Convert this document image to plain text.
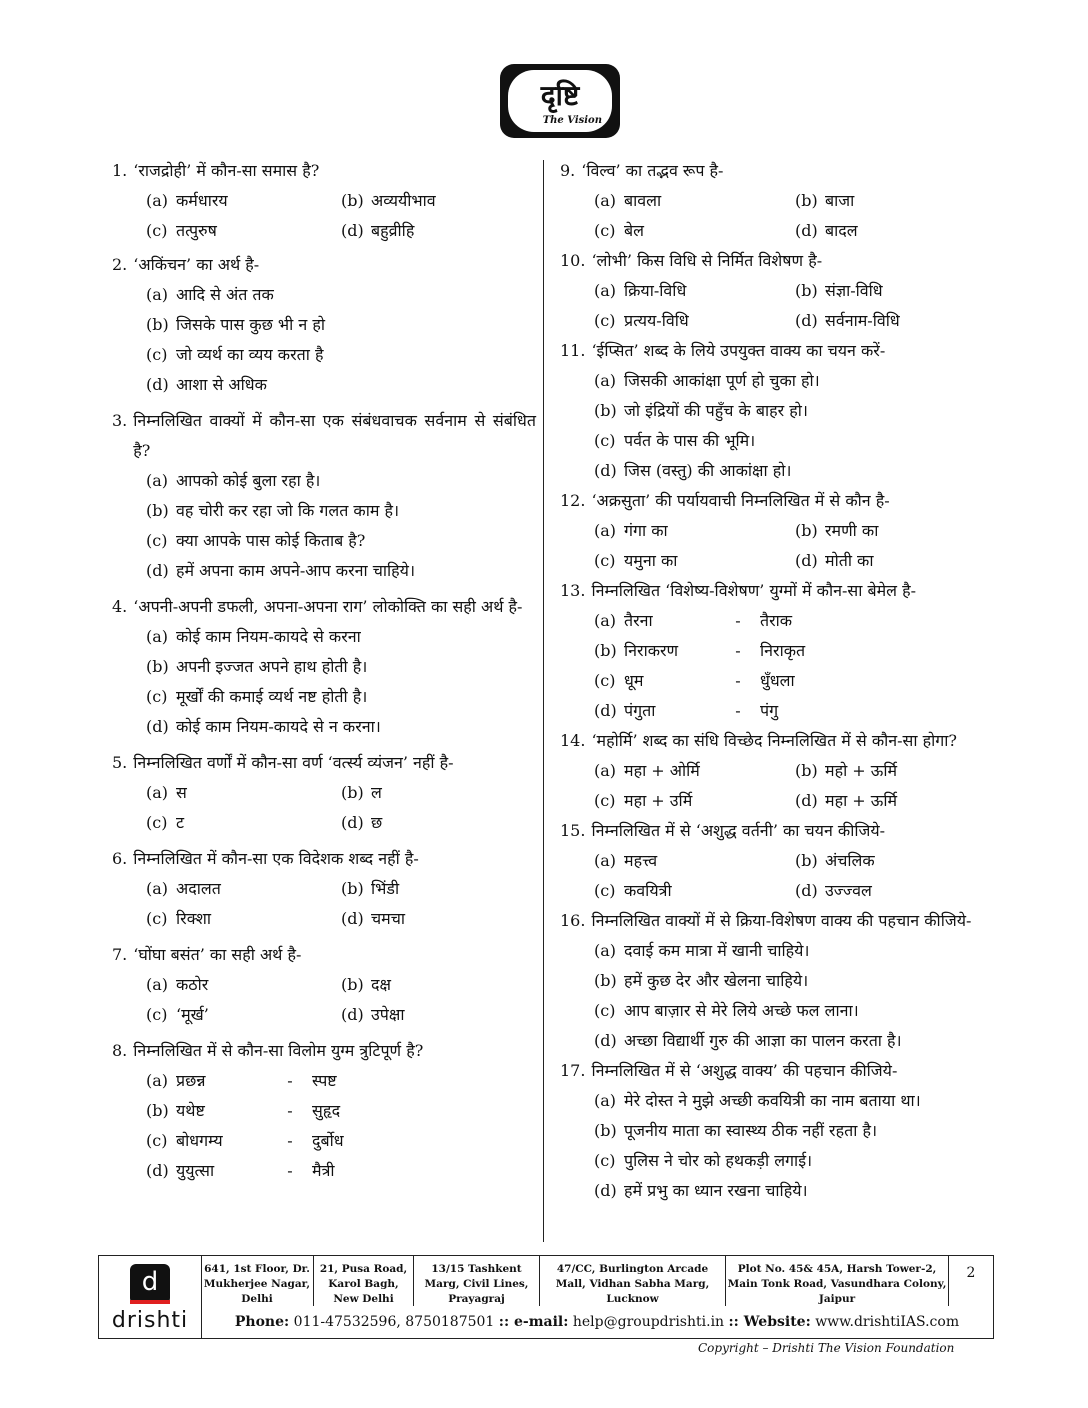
दृष्टि
The Vision
1. ‘राजद्रोही’ में कौन-सा समास है?
(a) कर्मधारय	(b) अव्ययीभाव
(c) तत्पुरुष	(d) बहुव्रीहि
2. ‘अकिंचन’ का अर्थ है-
(a) आदि से अंत तक
(b) जिसके पास कुछ भी न हो
(c) जो व्यर्थ का व्यय करता है
(d) आशा से अधिक
3. निम्नलिखित वाक्यों में कौन-सा एक संबंधवाचक सर्वनाम से संबंधित है?
(a) आपको कोई बुला रहा है।
(b) वह चोरी कर रहा जो कि गलत काम है।
(c) क्या आपके पास कोई किताब है?
(d) हमें अपना काम अपने-आप करना चाहिये।
4. ‘अपनी-अपनी डफली, अपना-अपना राग’ लोकोक्ति का सही अर्थ है-
(a) कोई काम नियम-कायदे से करना
(b) अपनी इज्जत अपने हाथ होती है।
(c) मूर्खों की कमाई व्यर्थ नष्ट होती है।
(d) कोई काम नियम-कायदे से न करना।
5. निम्नलिखित वर्णों में कौन-सा वर्ण ‘वर्त्स्य व्यंजन’ नहीं है-
(a) स	(b) ल
(c) ट	(d) छ
6. निम्नलिखित में कौन-सा एक विदेशक शब्द नहीं है-
(a) अदालत	(b) भिंडी
(c) रिक्शा	(d) चमचा
7. ‘घोंघा बसंत’ का सही अर्थ है-
(a) कठोर	(b) दक्ष
(c) ‘मूर्ख’	(d) उपेक्षा
8. निम्नलिखित में से कौन-सा विलोम युग्म त्रुटिपूर्ण है?
(a) प्रछन्न	- स्पष्ट
(b) यथेष्ट	- सुहृद
(c) बोधगम्य	- दुर्बोध
(d) युयुत्सा	- मैत्री
9. ‘विल्व’ का तद्भव रूप है-
(a) बावला	(b) बाजा
(c) बेल	(d) बादल
10. ‘लोभी’ किस विधि से निर्मित विशेषण है-
(a) क्रिया-विधि	(b) संज्ञा-विधि
(c) प्रत्यय-विधि	(d) सर्वनाम-विधि
11. ‘ईप्सित’ शब्द के लिये उपयुक्त वाक्य का चयन करें-
(a) जिसकी आकांक्षा पूर्ण हो चुका हो।
(b) जो इंद्रियों की पहुँच के बाहर हो।
(c) पर्वत के पास की भूमि।
(d) जिस (वस्तु) की आकांक्षा हो।
12. ‘अक्रसुता’ की पर्यायवाची निम्नलिखित में से कौन है-
(a) गंगा का	(b) रमणी का
(c) यमुना का	(d) मोती का
13. निम्नलिखित ‘विशेष्य-विशेषण’ युग्मों में कौन-सा बेमेल है-
(a) तैरना	- तैराक
(b) निराकरण	- निराकृत
(c) धूम	- धुँधला
(d) पंगुता	- पंगु
14. ‘महोर्मि’ शब्द का संधि विच्छेद निम्नलिखित में से कौन-सा होगा?
(a) महा + ओर्मि	(b) महो + ऊर्मि
(c) महा + उर्मि	(d) महा + ऊर्मि
15. निम्नलिखित में से ‘अशुद्ध वर्तनी’ का चयन कीजिये-
(a) महत्त्व	(b) अंचलिक
(c) कवयित्री	(d) उज्ज्वल
16. निम्नलिखित वाक्यों में से क्रिया-विशेषण वाक्य की पहचान कीजिये-
(a) दवाई कम मात्रा में खानी चाहिये।
(b) हमें कुछ देर और खेलना चाहिये।
(c) आप बाज़ार से मेरे लिये अच्छे फल लाना।
(d) अच्छा विद्यार्थी गुरु की आज्ञा का पालन करता है।
17. निम्नलिखित में से ‘अशुद्ध वाक्य’ की पहचान कीजिये-
(a) मेरे दोस्त ने मुझे अच्छी कवयित्री का नाम बताया था।
(b) पूजनीय माता का स्वास्थ्य ठीक नहीं रहता है।
(c) पुलिस ने चोर को हथकड़ी लगाई।
(d) हमें प्रभु का ध्यान रखना चाहिये।
d
drishti
641, 1st Floor, Dr. Mukherjee Nagar, Delhi
21, Pusa Road, Karol Bagh, New Delhi
13/15 Tashkent Marg, Civil Lines, Prayagraj
47/CC, Burlington Arcade Mall, Vidhan Sabha Marg, Lucknow
Plot No. 45& 45A, Harsh Tower-2, Main Tonk Road, Vasundhara Colony, Jaipur
2
Phone: 011-47532596, 8750187501 :: e-mail: help@groupdrishti.in :: Website: www.drishtiIAS.com
Copyright – Drishti The Vision Foundation
